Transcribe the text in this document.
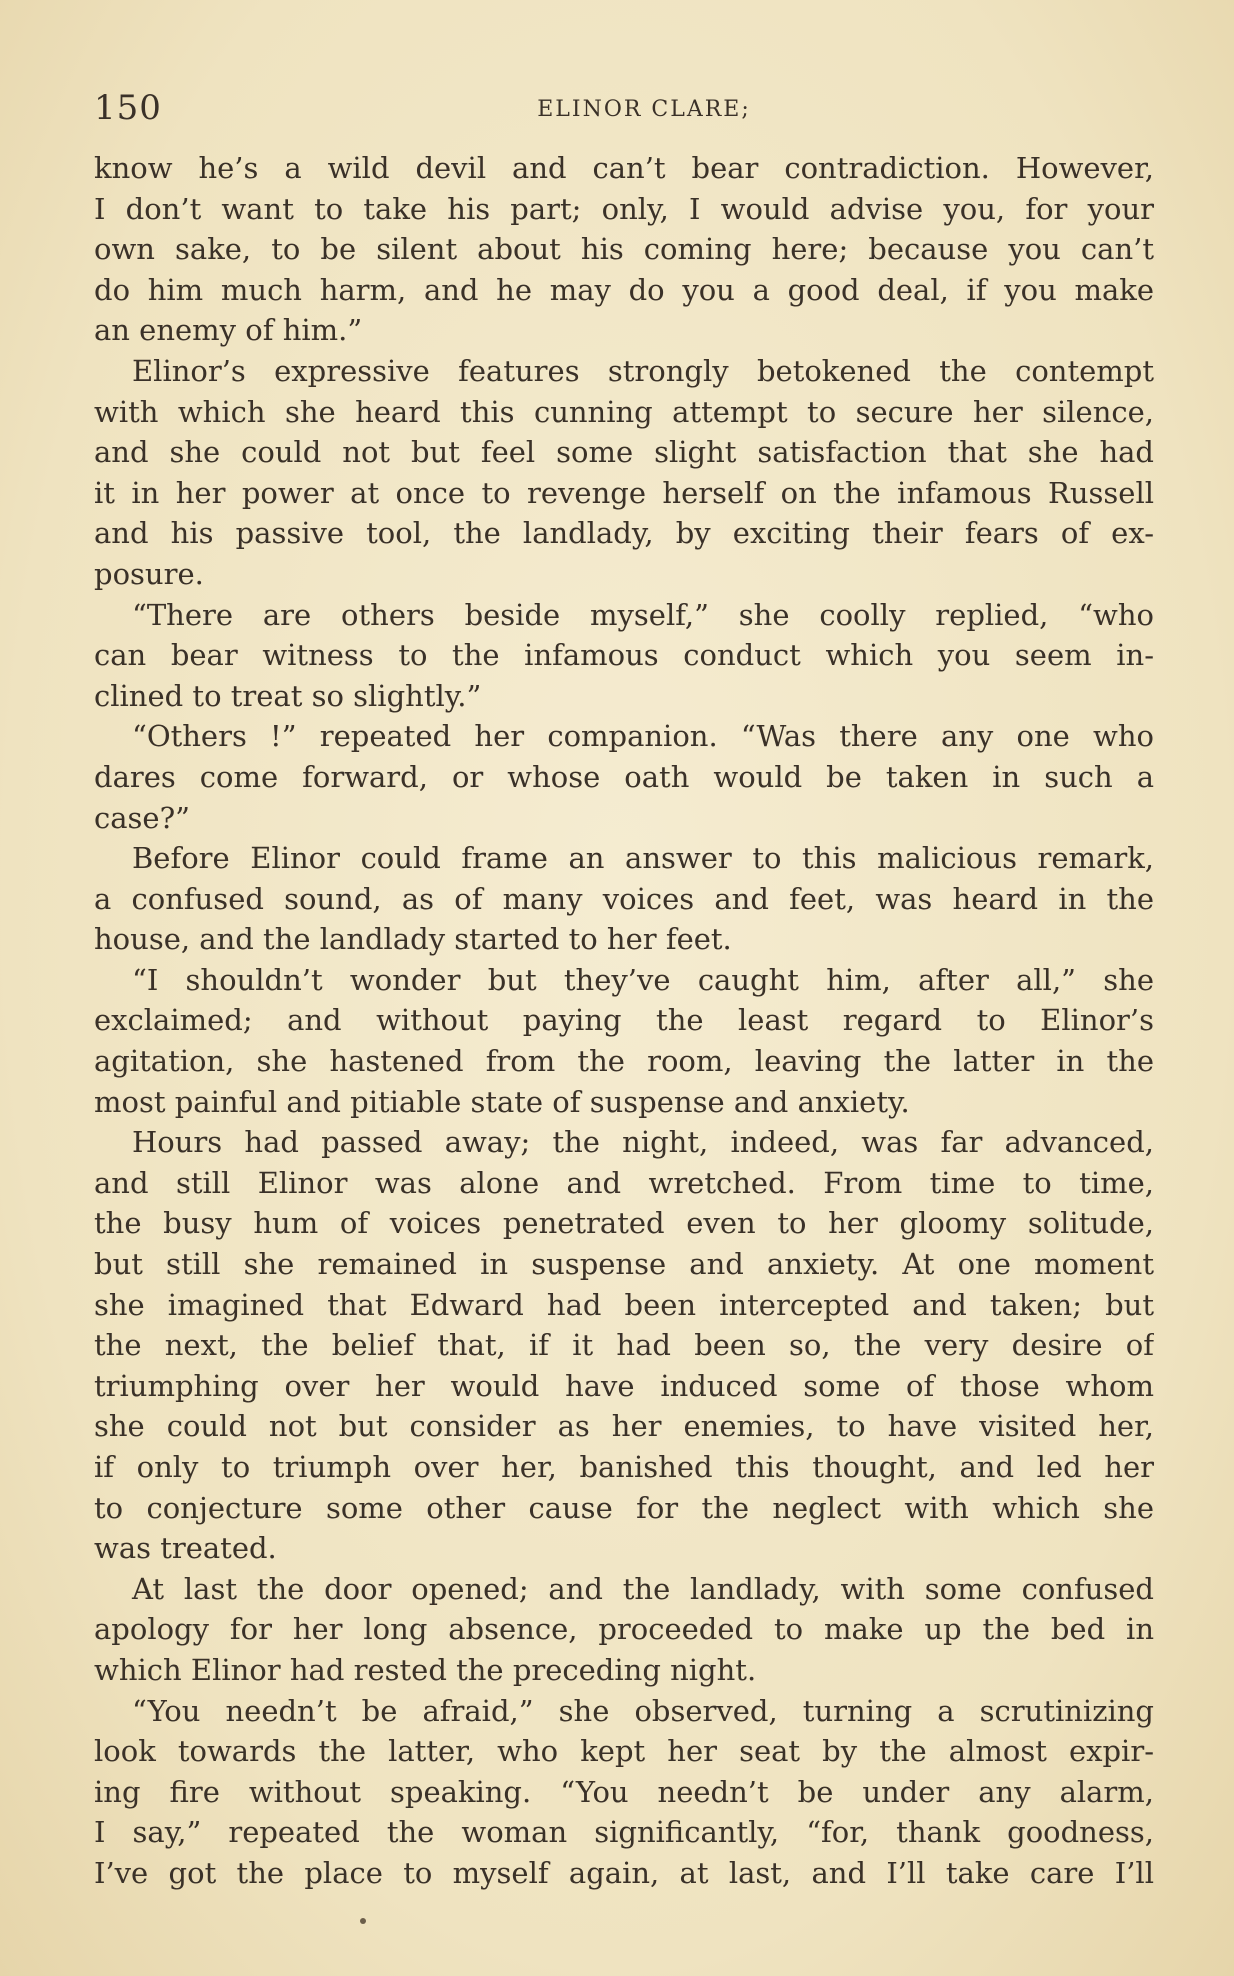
150	ELINOR CLARE;
know he’s a wild devil and can’t bear contradiction. However,
I don’t want to take his part; only, I would advise you, for your
own sake, to be silent about his coming here; because you can’t
do him much harm, and he may do you a good deal, if you make
an enemy of him.”
Elinor’s expressive features strongly betokened the contempt
with which she heard this cunning attempt to secure her silence,
and she could not but feel some slight satisfaction that she had
it in her power at once to revenge herself on the infamous Russell
and his passive tool, the landlady, by exciting their fears of ex-
posure.
“There are others beside myself,” she coolly replied, “who
can bear witness to the infamous conduct which you seem in-
clined to treat so slightly.”
“Others !” repeated her companion. “Was there any one who
dares come forward, or whose oath would be taken in such a
case?”
Before Elinor could frame an answer to this malicious remark,
a confused sound, as of many voices and feet, was heard in the
house, and the landlady started to her feet.
“I shouldn’t wonder but they’ve caught him, after all,” she
exclaimed; and without paying the least regard to Elinor’s
agitation, she hastened from the room, leaving the latter in the
most painful and pitiable state of suspense and anxiety.
Hours had passed away; the night, indeed, was far advanced,
and still Elinor was alone and wretched. From time to time,
the busy hum of voices penetrated even to her gloomy solitude,
but still she remained in suspense and anxiety. At one moment
she imagined that Edward had been intercepted and taken; but
the next, the belief that, if it had been so, the very desire of
triumphing over her would have induced some of those whom
she could not but consider as her enemies, to have visited her,
if only to triumph over her, banished this thought, and led her
to conjecture some other cause for the neglect with which she
was treated.
At last the door opened; and the landlady, with some confused
apology for her long absence, proceeded to make up the bed in
which Elinor had rested the preceding night.
“You needn’t be afraid,” she observed, turning a scrutinizing
look towards the latter, who kept her seat by the almost expir-
ing fire without speaking. “You needn’t be under any alarm,
I say,” repeated the woman significantly, “for, thank goodness,
I’ve got the place to myself again, at last, and I’ll take care I’ll
